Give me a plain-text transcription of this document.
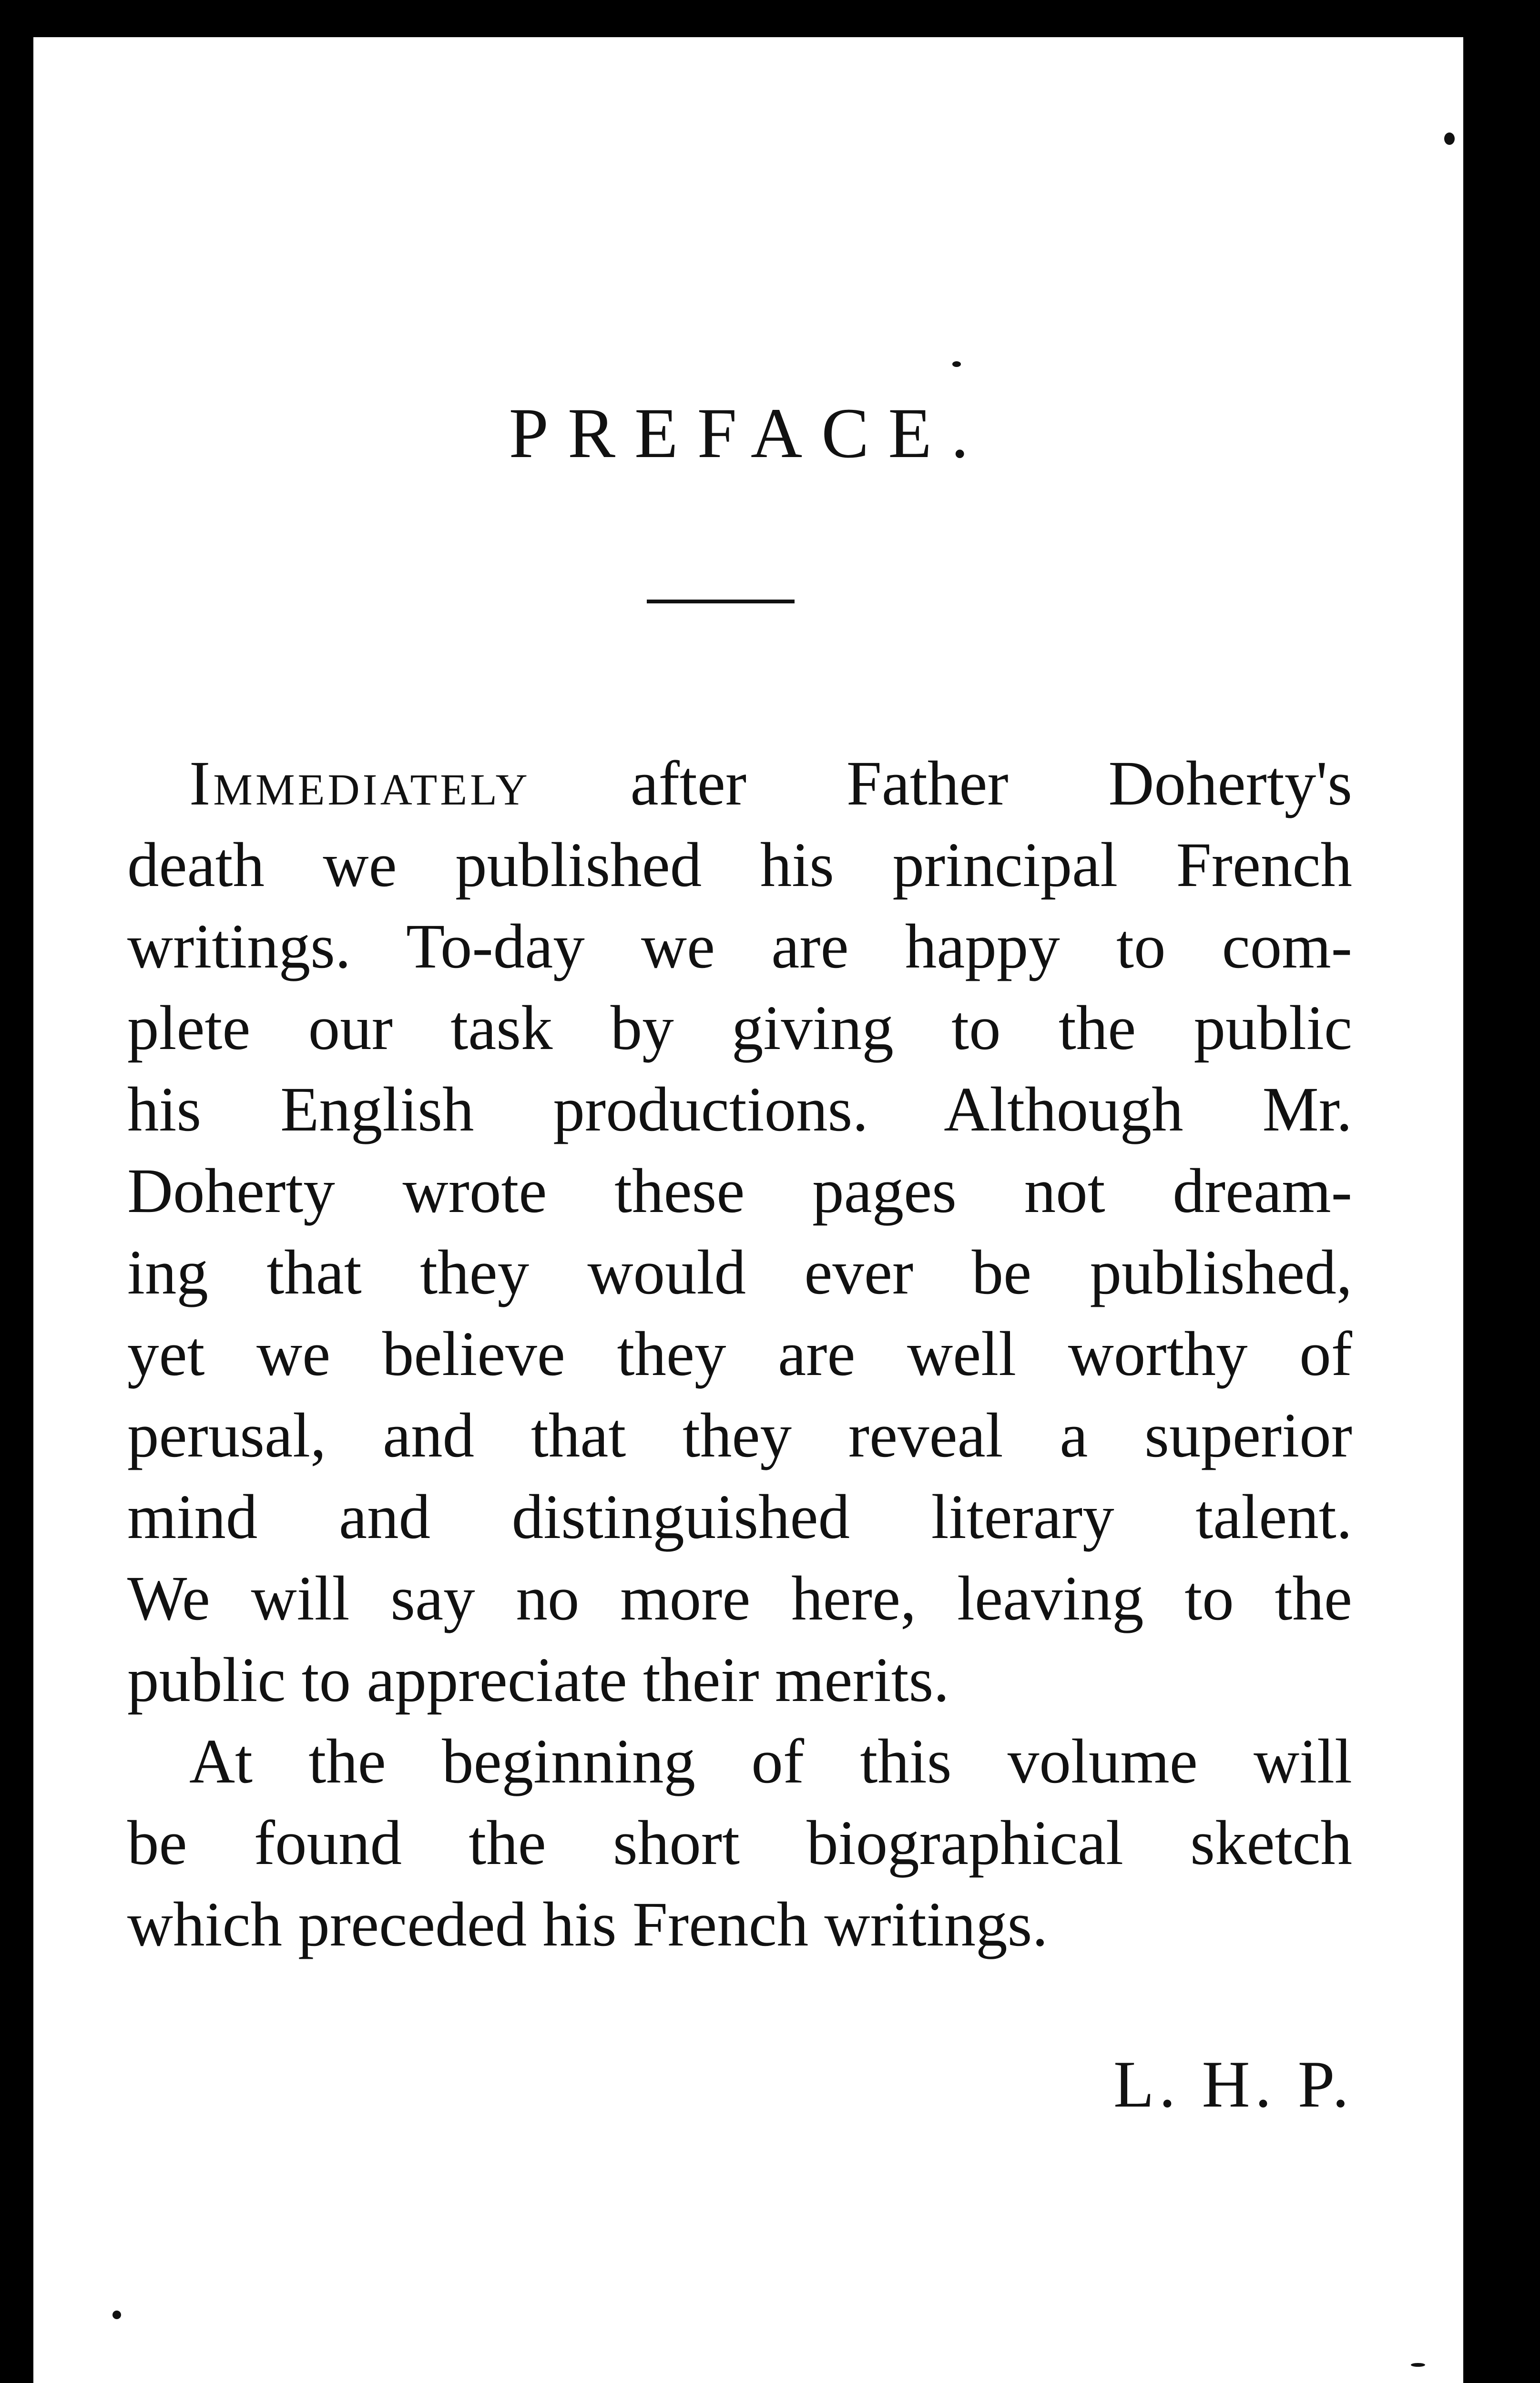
PREFACE.
Immediately after Father Doherty's
death we published his principal French
writings. To-day we are happy to com-
plete our task by giving to the public
his English productions. Although Mr.
Doherty wrote these pages not dream-
ing that they would ever be published,
yet we believe they are well worthy of
perusal, and that they reveal a superior
mind and distinguished literary talent.
We will say no more here, leaving to the
public to appreciate their merits.
At the beginning of this volume will
be found the short biographical sketch
which preceded his French writings.
L. H. P.
